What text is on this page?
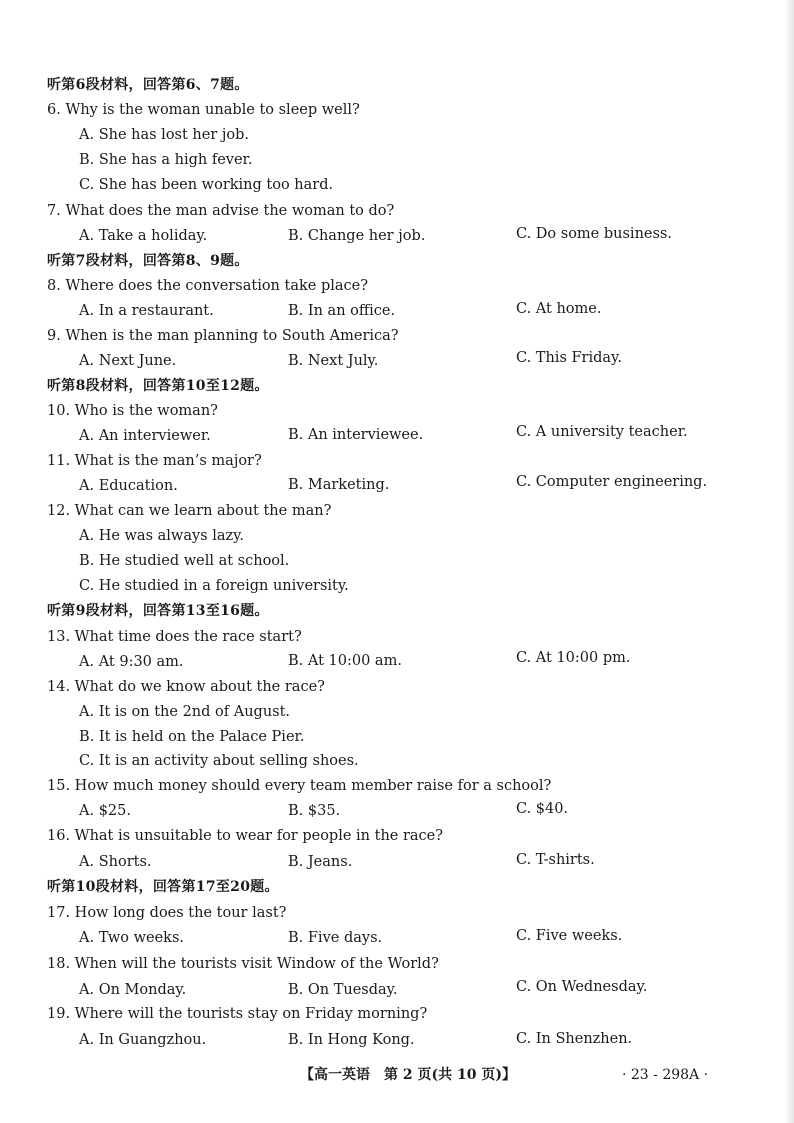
听第6段材料，回答第6、7题。
6. Why is the woman unable to sleep well?
A. She has lost her job.
B. She has a high fever.
C. She has been working too hard.
7. What does the man advise the woman to do?
A. Take a holiday.	B. Change her job.	C. Do some business.
听第7段材料，回答第8、9题。
8. Where does the conversation take place?
A. In a restaurant.	B. In an office.	C. At home.
9. When is the man planning to South America?
A. Next June.	B. Next July.	C. This Friday.
听第8段材料，回答第10至12题。
10. Who is the woman?
A. An interviewer.	B. An interviewee.	C. A university teacher.
11. What is the man’s major?
A. Education.	B. Marketing.	C. Computer engineering.
12. What can we learn about the man?
A. He was always lazy.
B. He studied well at school.
C. He studied in a foreign university.
听第9段材料，回答第13至16题。
13. What time does the race start?
A. At 9:30 am.	B. At 10:00 am.	C. At 10:00 pm.
14. What do we know about the race?
A. It is on the 2nd of August.
B. It is held on the Palace Pier.
C. It is an activity about selling shoes.
15. How much money should every team member raise for a school?
A. $25.	B. $35.	C. $40.
16. What is unsuitable to wear for people in the race?
A. Shorts.	B. Jeans.	C. T-shirts.
听第10段材料，回答第17至20题。
17. How long does the tour last?
A. Two weeks.	B. Five days.	C. Five weeks.
18. When will the tourists visit Window of the World?
A. On Monday.	B. On Tuesday.	C. On Wednesday.
19. Where will the tourists stay on Friday morning?
A. In Guangzhou.	B. In Hong Kong.	C. In Shenzhen.
【高一英语　第 2 页(共 10 页)】	· 23 - 298A ·
